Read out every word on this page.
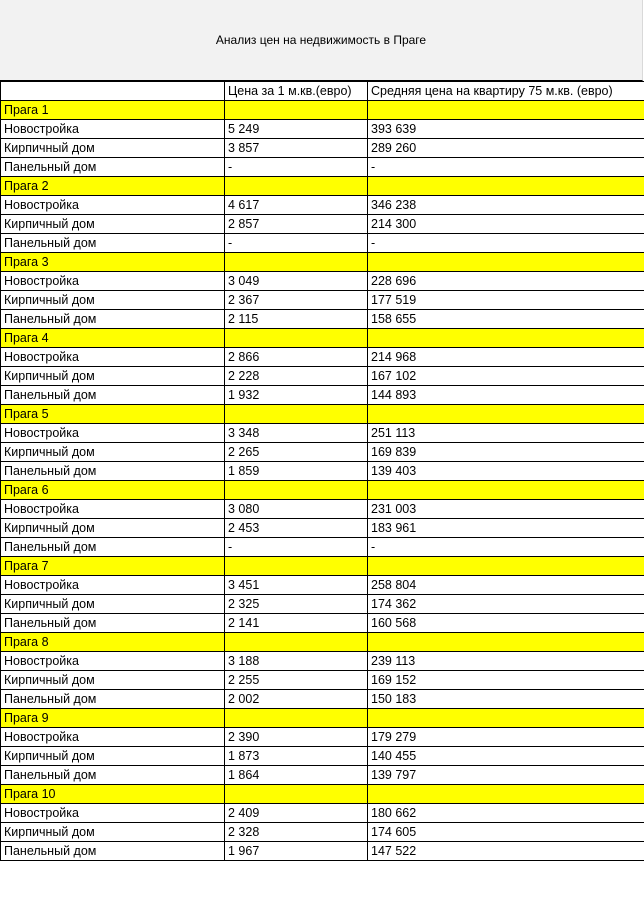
Анализ цен на недвижимость в Праге
	Цена за 1 м.кв.(евро)	Средняя цена на квартиру 75 м.кв. (евро)
Прага 1		
Новостройка	5 249	393 639
Кирпичный дом	3 857	289 260
Панельный дом	-	-
Прага 2		
Новостройка	4 617	346 238
Кирпичный дом	2 857	214 300
Панельный дом	-	-
Прага 3		
Новостройка	3 049	228 696
Кирпичный дом	2 367	177 519
Панельный дом	2 115	158 655
Прага 4		
Новостройка	2 866	214 968
Кирпичный дом	2 228	167 102
Панельный дом	1 932	144 893
Прага 5		
Новостройка	3 348	251 113
Кирпичный дом	2 265	169 839
Панельный дом	1 859	139 403
Прага 6		
Новостройка	3 080	231 003
Кирпичный дом	2 453	183 961
Панельный дом	-	-
Прага 7		
Новостройка	3 451	258 804
Кирпичный дом	2 325	174 362
Панельный дом	2 141	160 568
Прага 8		
Новостройка	3 188	239 113
Кирпичный дом	2 255	169 152
Панельный дом	2 002	150 183
Прага 9		
Новостройка	2 390	179 279
Кирпичный дом	1 873	140 455
Панельный дом	1 864	139 797
Прага 10		
Новостройка	2 409	180 662
Кирпичный дом	2 328	174 605
Панельный дом	1 967	147 522
